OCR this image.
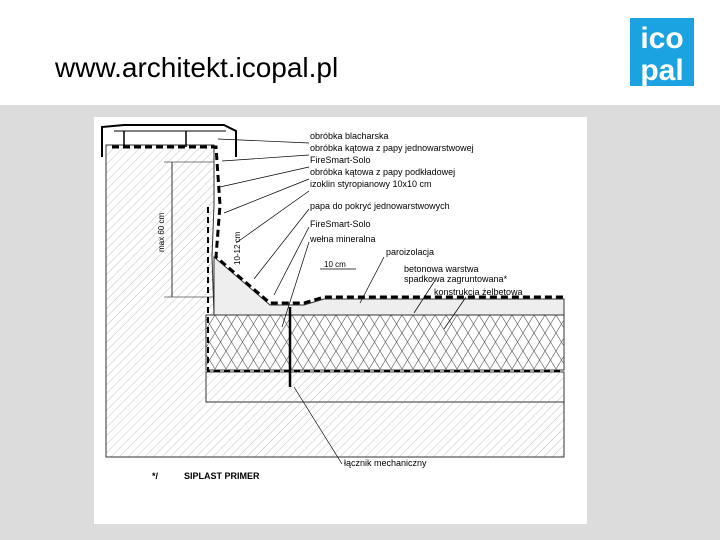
www.architekt.icopal.pl
ico
pal
max 60 cm	10-12 cm	10 cm
obróbka blacharska
obróbka kątowa z papy jednowarstwowej
FireSmart-Solo
obróbka kątowa z papy podkładowej
izoklin styropianowy 10x10 cm
papa do pokryć jednowarstwowych
FireSmart-Solo
wełna mineralna
paroizolacja
betonowa warstwa
spadkowa zagruntowana*
konstrukcja żelbetowa
łącznik mechaniczny
*/	SIPLAST PRIMER
